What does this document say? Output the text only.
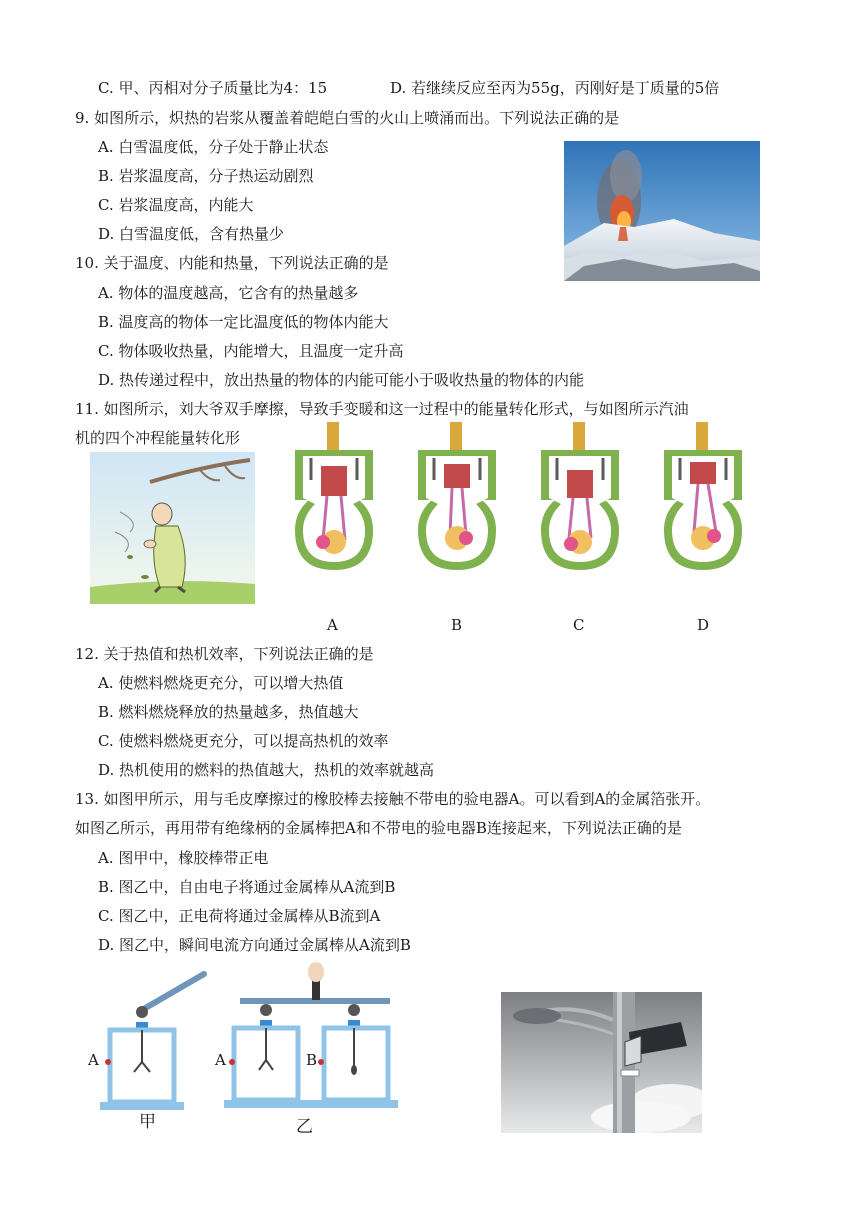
C. 甲、丙相对分子质量比为4：15	D. 若继续反应至丙为55g，丙刚好是丁质量的5倍
9. 如图所示，炽热的岩浆从覆盖着皑皑白雪的火山上喷涌而出。下列说法正确的是
A. 白雪温度低，分子处于静止状态
B. 岩浆温度高，分子热运动剧烈
C. 岩浆温度高，内能大
D. 白雪温度低，含有热量少
10. 关于温度、内能和热量，下列说法正确的是
A. 物体的温度越高，它含有的热量越多
B. 温度高的物体一定比温度低的物体内能大
C. 物体吸收热量，内能增大，且温度一定升高
D. 热传递过程中，放出热量的物体的内能可能小于吸收热量的物体的内能
11. 如图所示，刘大爷双手摩擦，导致手变暖和这一过程中的能量转化形式，与如图所示汽油
机的四个冲程能量转化形
A	B	C	D
12. 关于热值和热机效率，下列说法正确的是
A. 使燃料燃烧更充分，可以增大热值
B. 燃料燃烧释放的热量越多，热值越大
C. 使燃料燃烧更充分，可以提高热机的效率
D. 热机使用的燃料的热值越大，热机的效率就越高
13. 如图甲所示，用与毛皮摩擦过的橡胶棒去接触不带电的验电器A。可以看到A的金属箔张开。
如图乙所示，再用带有绝缘柄的金属棒把A和不带电的验电器B连接起来，下列说法正确的是
A. 图甲中，橡胶棒带正电
B. 图乙中，自由电子将通过金属棒从A流到B
C. 图乙中，正电荷将通过金属棒从B流到A
D. 图乙中，瞬间电流方向通过金属棒从A流到B
A	A	B
甲	乙
